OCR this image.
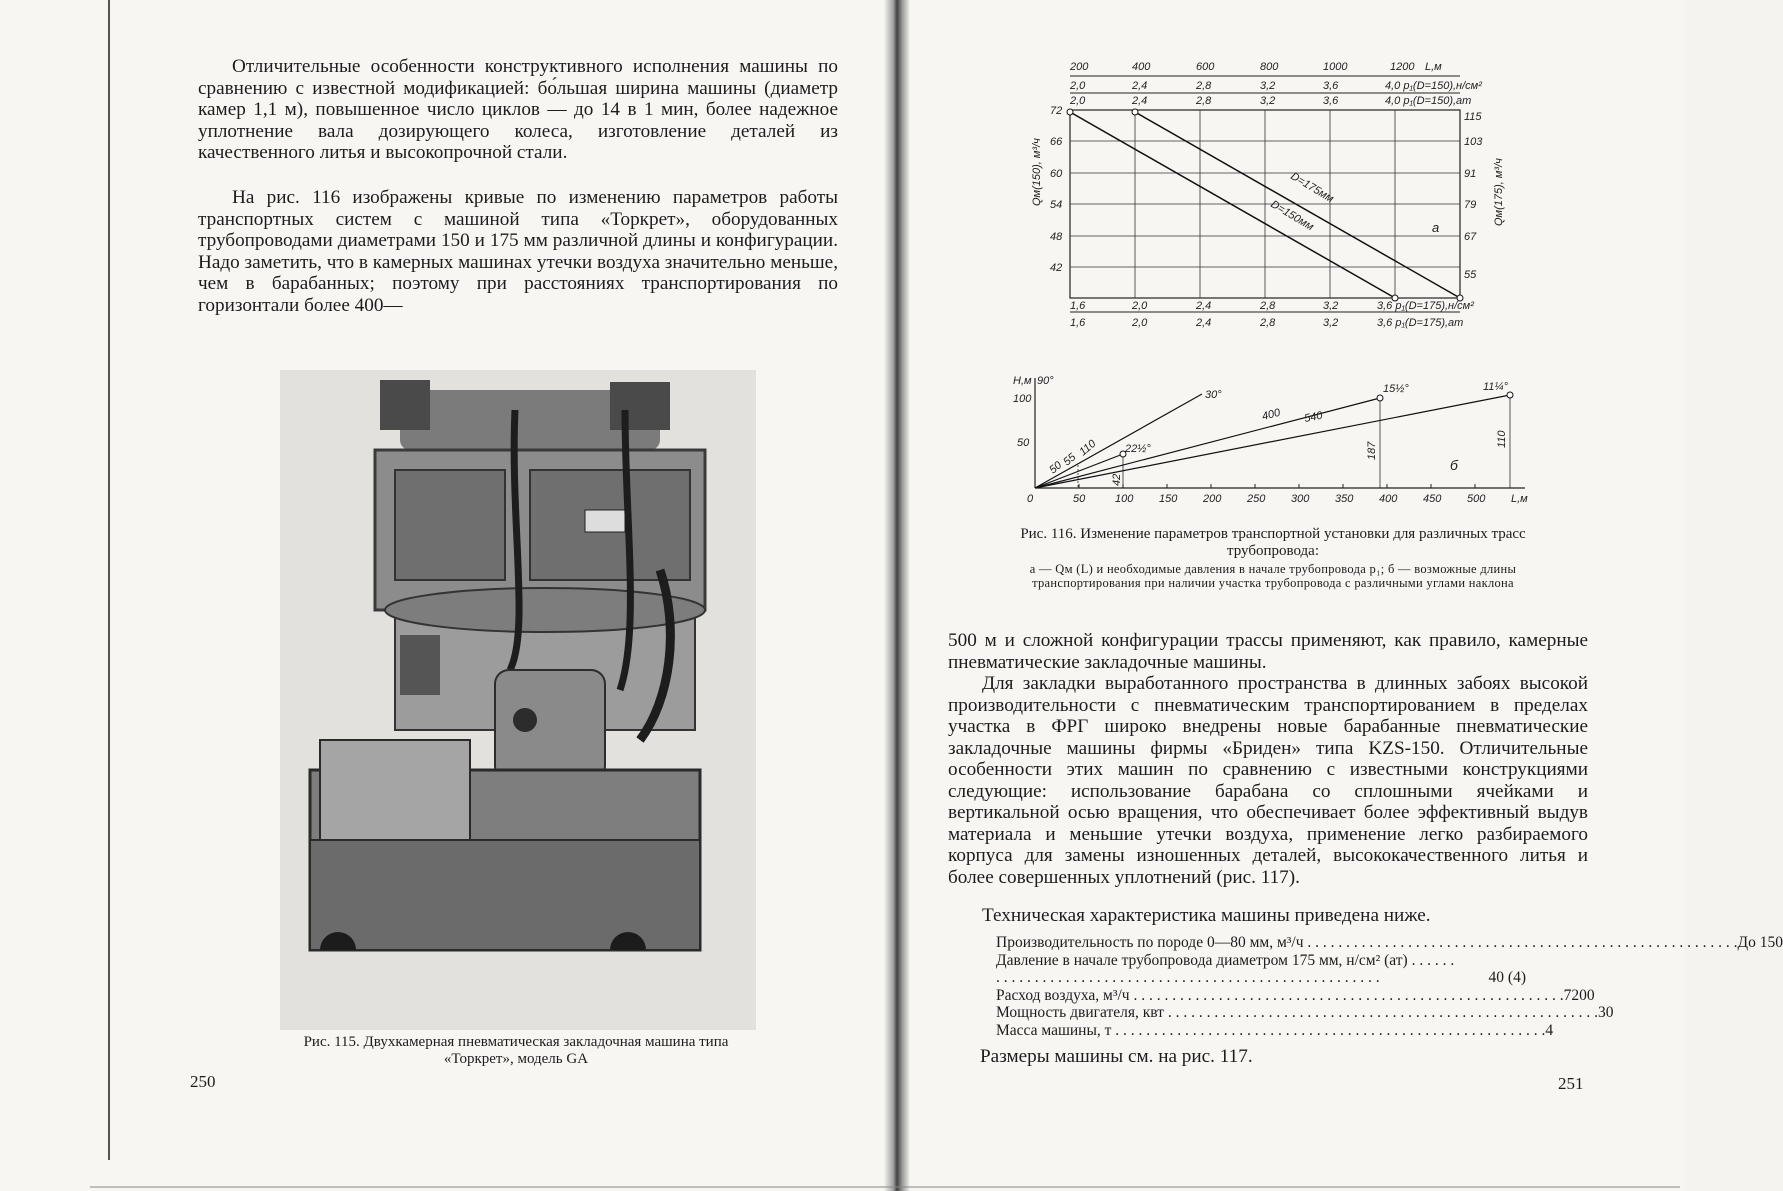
Отличительные особенности конструктивного исполнения машины по сравнению с известной модификацией: бо́льшая ширина машины (диаметр камер 1,1 м), повышенное число циклов — до 14 в 1 мин, более надежное уплотнение вала дозирующего колеса, изготовление деталей из качественного литья и высокопрочной стали.

На рис. 116 изображены кривые по изменению параметров работы транспортных систем с машиной типа «Торкрет», оборудованных трубопроводами диаметрами 150 и 175 мм различной длины и конфигурации. Надо заметить, что в камерных машинах утечки воздуха значительно меньше, чем в барабанных; поэтому при расстояниях транспортирования по горизонтали более 400—

Рис. 115. Двухкамерная пневматическая закладочная машина типа «Торкрет», модель GA

250
200	400	600	800	1000	1200 L,м
2,0	2,4	2,8	3,2	3,6	4,0 p₁(D=150),н/см²
2,0	2,4	2,8	3,2	3,6	4,0 p₁(D=150),ат
D=175мм
D=150мм	а
72
66
60
54
48
42
Qм(150), м³/ч
115
103
91
79
67
55
Qм(175), м³/ч
1,6	2,0	2,4	2,8	3,2	3,6 p₁(D=175),н/см²
1,6	2,0	2,4	2,8	3,2	3,6 p₁(D=175),ат
H,м 90°
100
50
0	50	100 150 200 250 300 350 400 450 500 L,м
30°
22½°
15½°	11¼°
50
55
110
400 540
187
110
42
б

Рис. 116. Изменение параметров транспортной установки для различных трасс трубопровода:

а — Qм (L) и необходимые давления в начале трубопровода p₁; б — возможные длины транспортирования при наличии участка трубопровода с различными углами наклона

500 м и сложной конфигурации трассы применяют, как правило, камерные пневматические закладочные машины.

Для закладки выработанного пространства в длинных забоях высокой производительности с пневматическим транспортированием в пределах участка в ФРГ широко внедрены новые барабанные пневматические закладочные машины фирмы «Бриден» типа KZS-150. Отличительные особенности этих машин по сравнению с известными конструкциями следующие: использование барабана со сплошными ячейками и вертикальной осью вращения, что обеспечивает более эффективный выдув материала и меньшие утечки воздуха, применение легко разбираемого корпуса для замены изношенных деталей, высококачественного литья и более совершенных уплотнений (рис. 117).

Техническая характеристика машины приведена ниже.

Производительность по породе 0—80 мм, м³/ч . . .	До 150
Давление в начале трубопровода диаметром 175 мм, н/см² (ат) . . .
40 (4)
Расход воздуха, м³/ч . . .	7200
Мощность двигателя, квт . . .	30
Масса машины, т . . .	4

Размеры машины см. на рис. 117.

251
